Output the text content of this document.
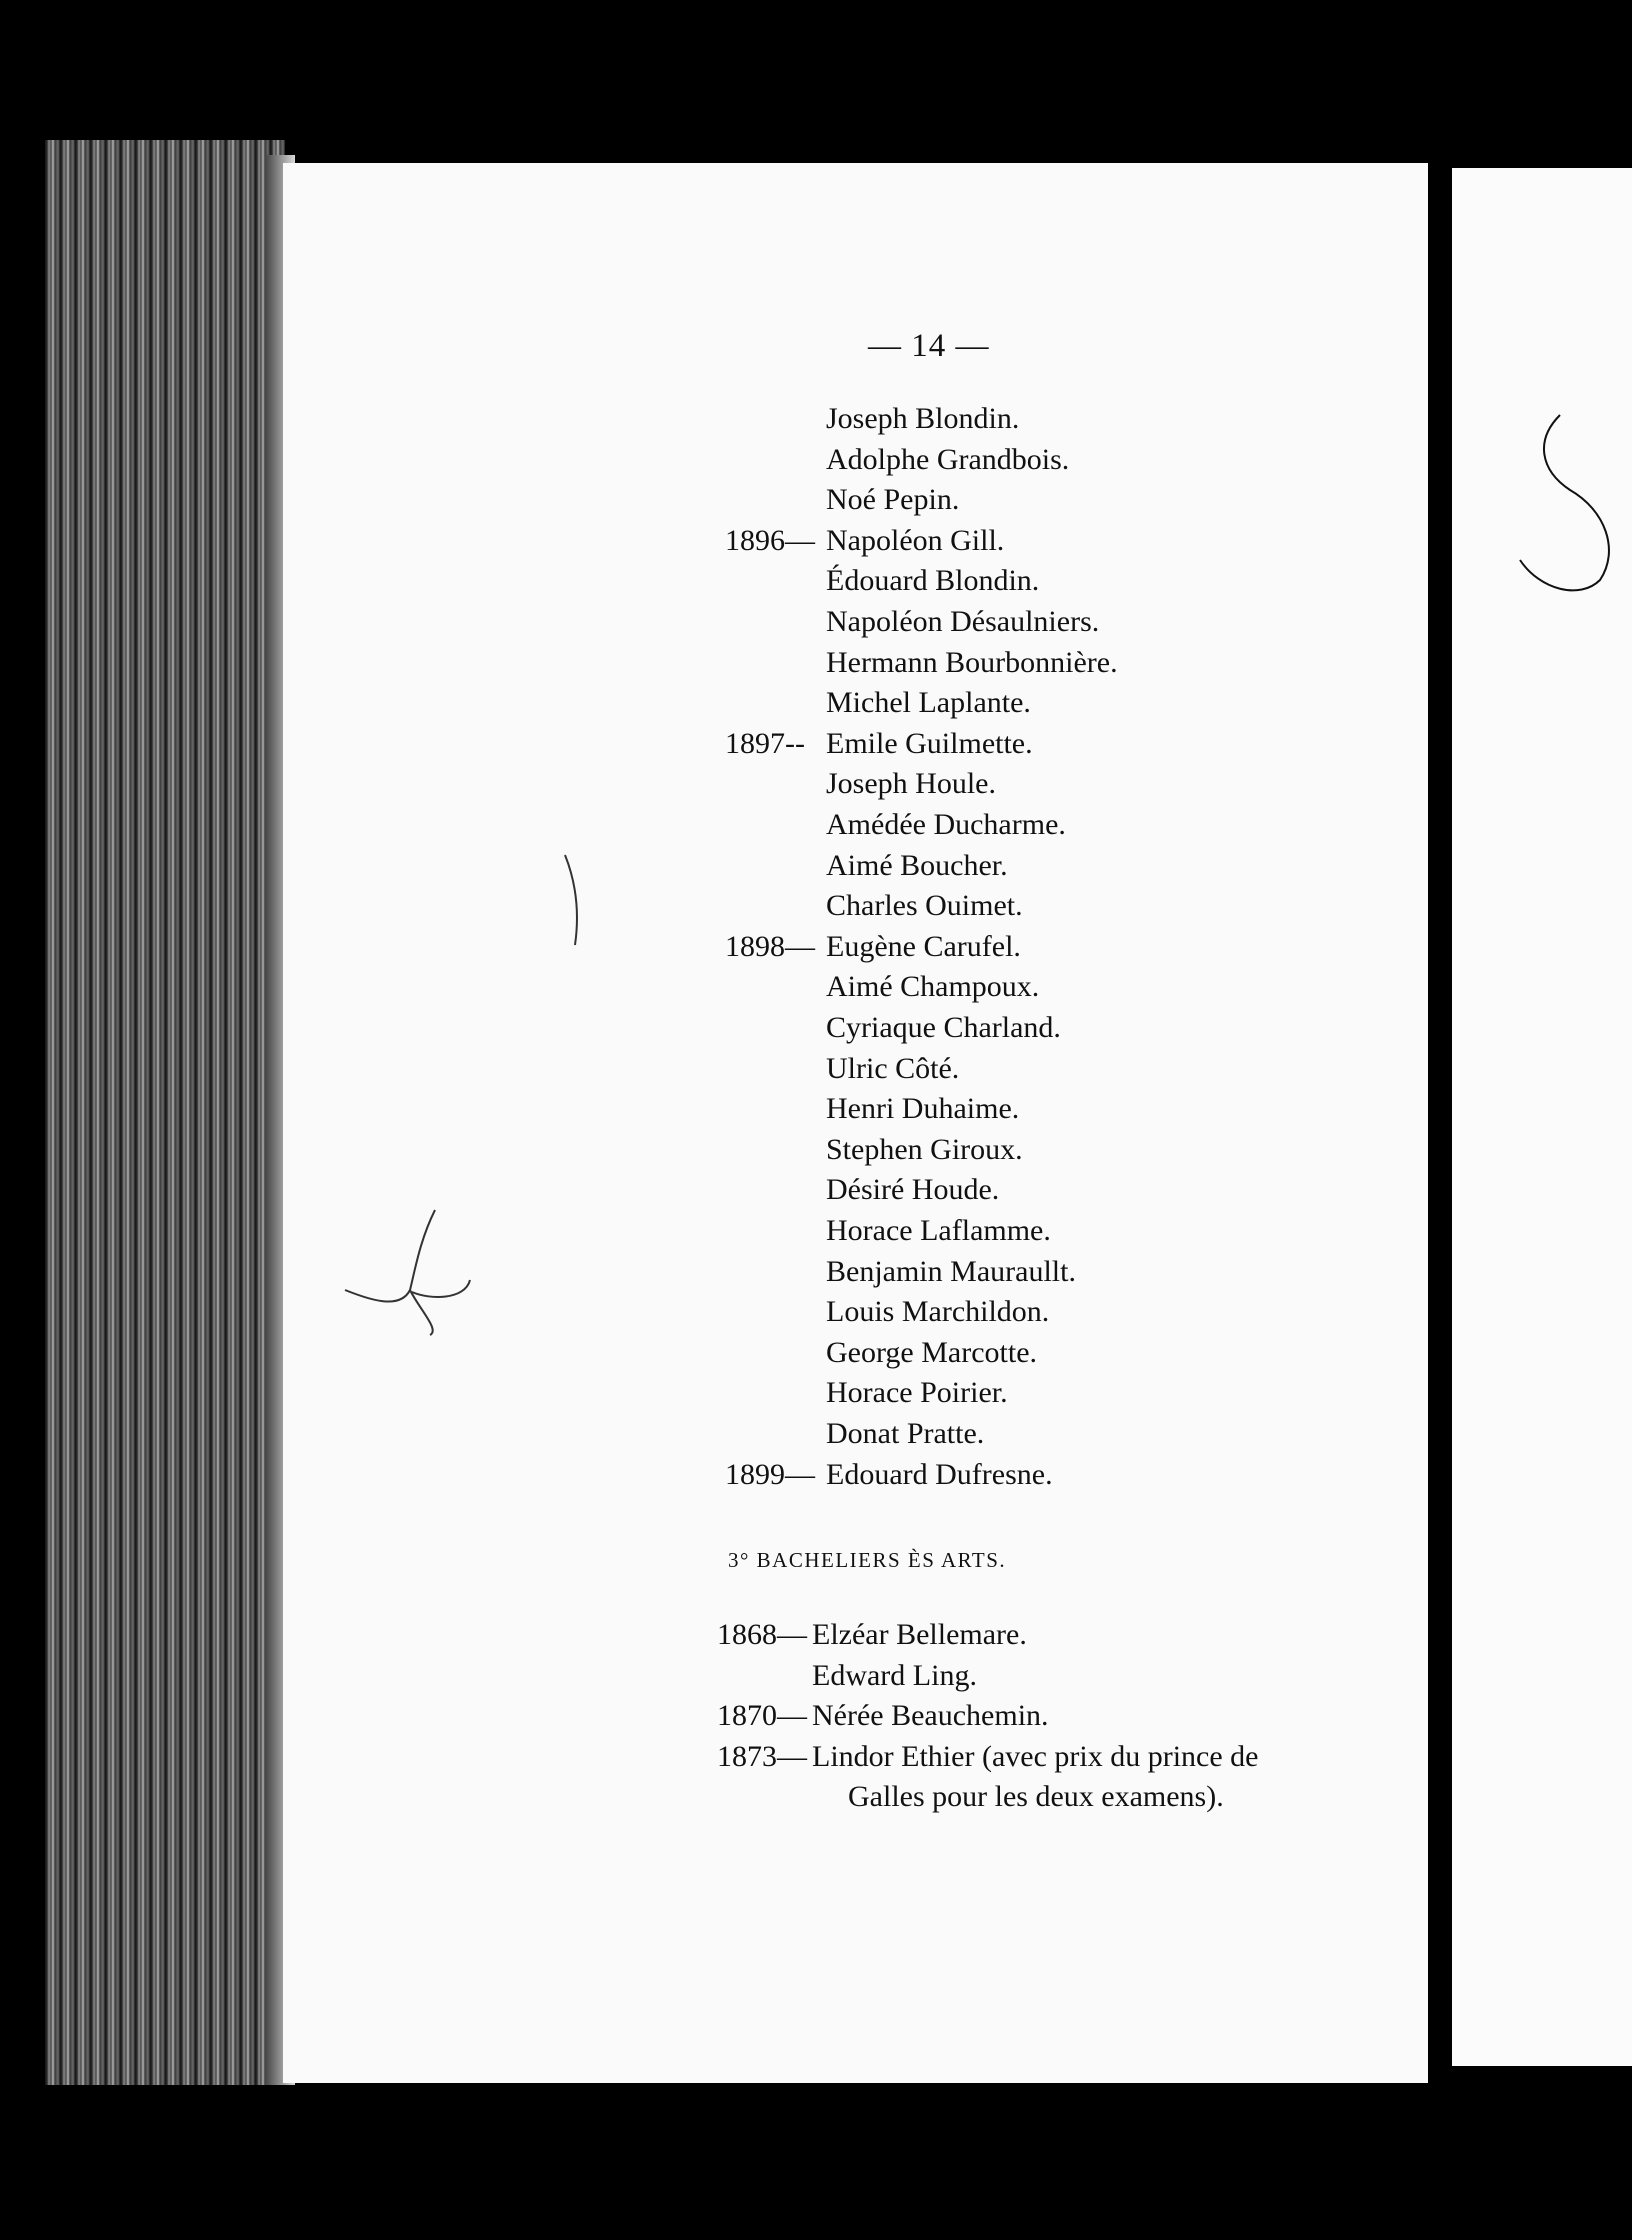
— 14 —
Joseph Blondin.
Adolphe Grandbois.
Noé Pepin.
1896— Napoléon Gill.
Édouard Blondin.
Napoléon Désaulniers.
Hermann Bourbonnière.
Michel Laplante.
1897-- Emile Guilmette.
Joseph Houle.
Amédée Ducharme.
Aimé Boucher.
Charles Ouimet.
1898— Eugène Carufel.
Aimé Champoux.
Cyriaque Charland.
Ulric Côté.
Henri Duhaime.
Stephen Giroux.
Désiré Houde.
Horace Laflamme.
Benjamin Mauraullt.
Louis Marchildon.
George Marcotte.
Horace Poirier.
Donat Pratte.
1899— Edouard Dufresne.
3° BACHELIERS ÈS ARTS.
1868— Elzéar Bellemare.
Edward Ling.
1870— Nérée Beauchemin.
1873— Lindor Ethier (avec prix du prince de
Galles pour les deux examens).
